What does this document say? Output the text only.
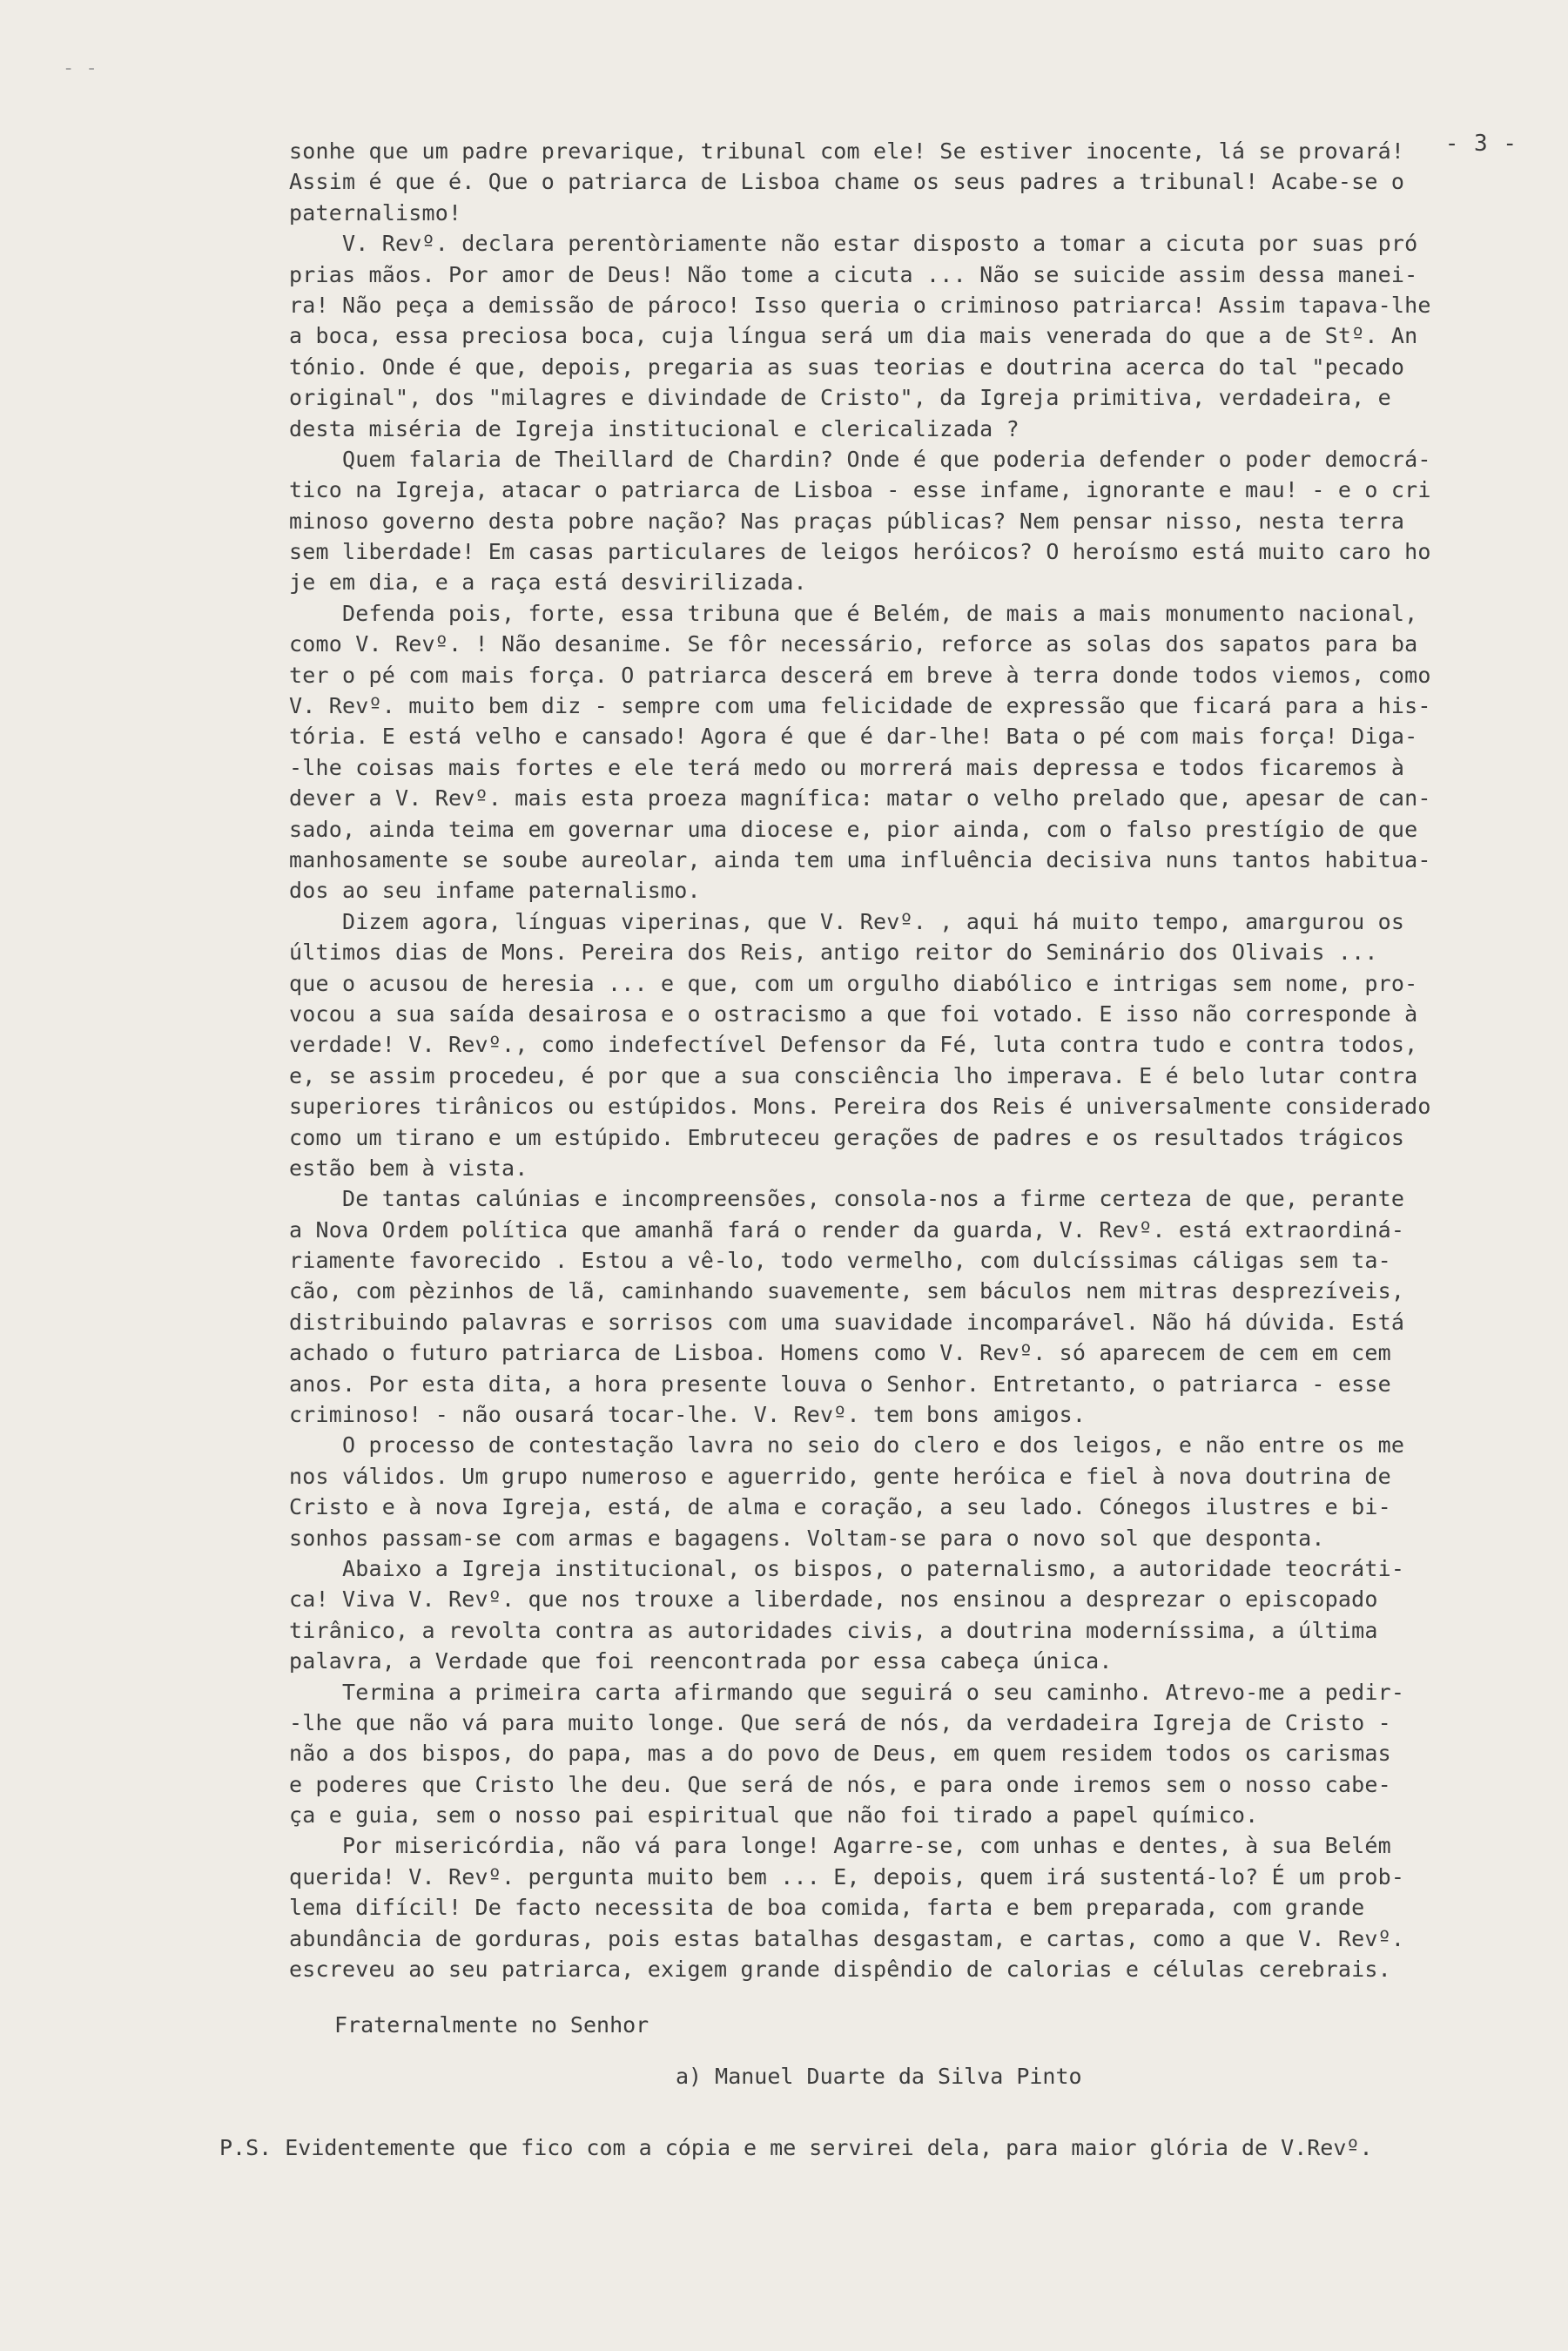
- -
- 3 -
sonhe que um padre prevarique, tribunal com ele! Se estiver inocente, lá se provará!
Assim é que é. Que o patriarca de Lisboa chame os seus padres a tribunal! Acabe-se o
paternalismo!
V. Revº. declara perentòriamente não estar disposto a tomar a cicuta por suas pró
prias mãos. Por amor de Deus! Não tome a cicuta ... Não se suicide assim dessa manei-
ra! Não peça a demissão de pároco! Isso queria o criminoso patriarca! Assim tapava-lhe
a boca, essa preciosa boca, cuja língua será um dia mais venerada do que a de Stº. An
tónio. Onde é que, depois, pregaria as suas teorias e doutrina acerca do tal "pecado
original", dos "milagres e divindade de Cristo", da Igreja primitiva, verdadeira, e
desta miséria de Igreja institucional e clericalizada ?
Quem falaria de Theillard de Chardin? Onde é que poderia defender o poder democrá-
tico na Igreja, atacar o patriarca de Lisboa - esse infame, ignorante e mau! - e o cri
minoso governo desta pobre nação? Nas praças públicas? Nem pensar nisso, nesta terra
sem liberdade! Em casas particulares de leigos heróicos? O heroísmo está muito caro ho
je em dia, e a raça está desvirilizada.
Defenda pois, forte, essa tribuna que é Belém, de mais a mais monumento nacional,
como V. Revº. ! Não desanime. Se fôr necessário, reforce as solas dos sapatos para ba
ter o pé com mais força. O patriarca descerá em breve à terra donde todos viemos, como
V. Revº. muito bem diz - sempre com uma felicidade de expressão que ficará para a his-
tória. E está velho e cansado! Agora é que é dar-lhe! Bata o pé com mais força! Diga-
-lhe coisas mais fortes e ele terá medo ou morrerá mais depressa e todos ficaremos à
dever a V. Revº. mais esta proeza magnífica: matar o velho prelado que, apesar de can-
sado, ainda teima em governar uma diocese e, pior ainda, com o falso prestígio de que
manhosamente se soube aureolar, ainda tem uma influência decisiva nuns tantos habitua-
dos ao seu infame paternalismo.
Dizem agora, línguas viperinas, que V. Revº. , aqui há muito tempo, amargurou os
últimos dias de Mons. Pereira dos Reis, antigo reitor do Seminário dos Olivais ...
que o acusou de heresia ... e que, com um orgulho diabólico e intrigas sem nome, pro-
vocou a sua saída desairosa e o ostracismo a que foi votado. E isso não corresponde à
verdade! V. Revº., como indefectível Defensor da Fé, luta contra tudo e contra todos,
e, se assim procedeu, é por que a sua consciência lho imperava. E é belo lutar contra
superiores tirânicos ou estúpidos. Mons. Pereira dos Reis é universalmente considerado
como um tirano e um estúpido. Embruteceu gerações de padres e os resultados trágicos
estão bem à vista.
De tantas calúnias e incompreensões, consola-nos a firme certeza de que, perante
a Nova Ordem política que amanhã fará o render da guarda, V. Revº. está extraordiná-
riamente favorecido . Estou a vê-lo, todo vermelho, com dulcíssimas cáligas sem ta-
cão, com pèzinhos de lã, caminhando suavemente, sem báculos nem mitras desprezíveis,
distribuindo palavras e sorrisos com uma suavidade incomparável. Não há dúvida. Está
achado o futuro patriarca de Lisboa. Homens como V. Revº. só aparecem de cem em cem
anos. Por esta dita, a hora presente louva o Senhor. Entretanto, o patriarca - esse
criminoso! - não ousará tocar-lhe. V. Revº. tem bons amigos.
O processo de contestação lavra no seio do clero e dos leigos, e não entre os me
nos válidos. Um grupo numeroso e aguerrido, gente heróica e fiel à nova doutrina de
Cristo e à nova Igreja, está, de alma e coração, a seu lado. Cónegos ilustres e bi-
sonhos passam-se com armas e bagagens. Voltam-se para o novo sol que desponta.
Abaixo a Igreja institucional, os bispos, o paternalismo, a autoridade teocráti-
ca! Viva V. Revº. que nos trouxe a liberdade, nos ensinou a desprezar o episcopado
tirânico, a revolta contra as autoridades civis, a doutrina moderníssima, a última
palavra, a Verdade que foi reencontrada por essa cabeça única.
Termina a primeira carta afirmando que seguirá o seu caminho. Atrevo-me a pedir-
-lhe que não vá para muito longe. Que será de nós, da verdadeira Igreja de Cristo -
não a dos bispos, do papa, mas a do povo de Deus, em quem residem todos os carismas
e poderes que Cristo lhe deu. Que será de nós, e para onde iremos sem o nosso cabe-
ça e guia, sem o nosso pai espiritual que não foi tirado a papel químico.
Por misericórdia, não vá para longe! Agarre-se, com unhas e dentes, à sua Belém
querida! V. Revº. pergunta muito bem ... E, depois, quem irá sustentá-lo? É um prob-
lema difícil! De facto necessita de boa comida, farta e bem preparada, com grande
abundância de gorduras, pois estas batalhas desgastam, e cartas, como a que V. Revº.
escreveu ao seu patriarca, exigem grande dispêndio de calorias e células cerebrais.
Fraternalmente no Senhor
a) Manuel Duarte da Silva Pinto
P.S. Evidentemente que fico com a cópia e me servirei dela, para maior glória de V.Revº.
